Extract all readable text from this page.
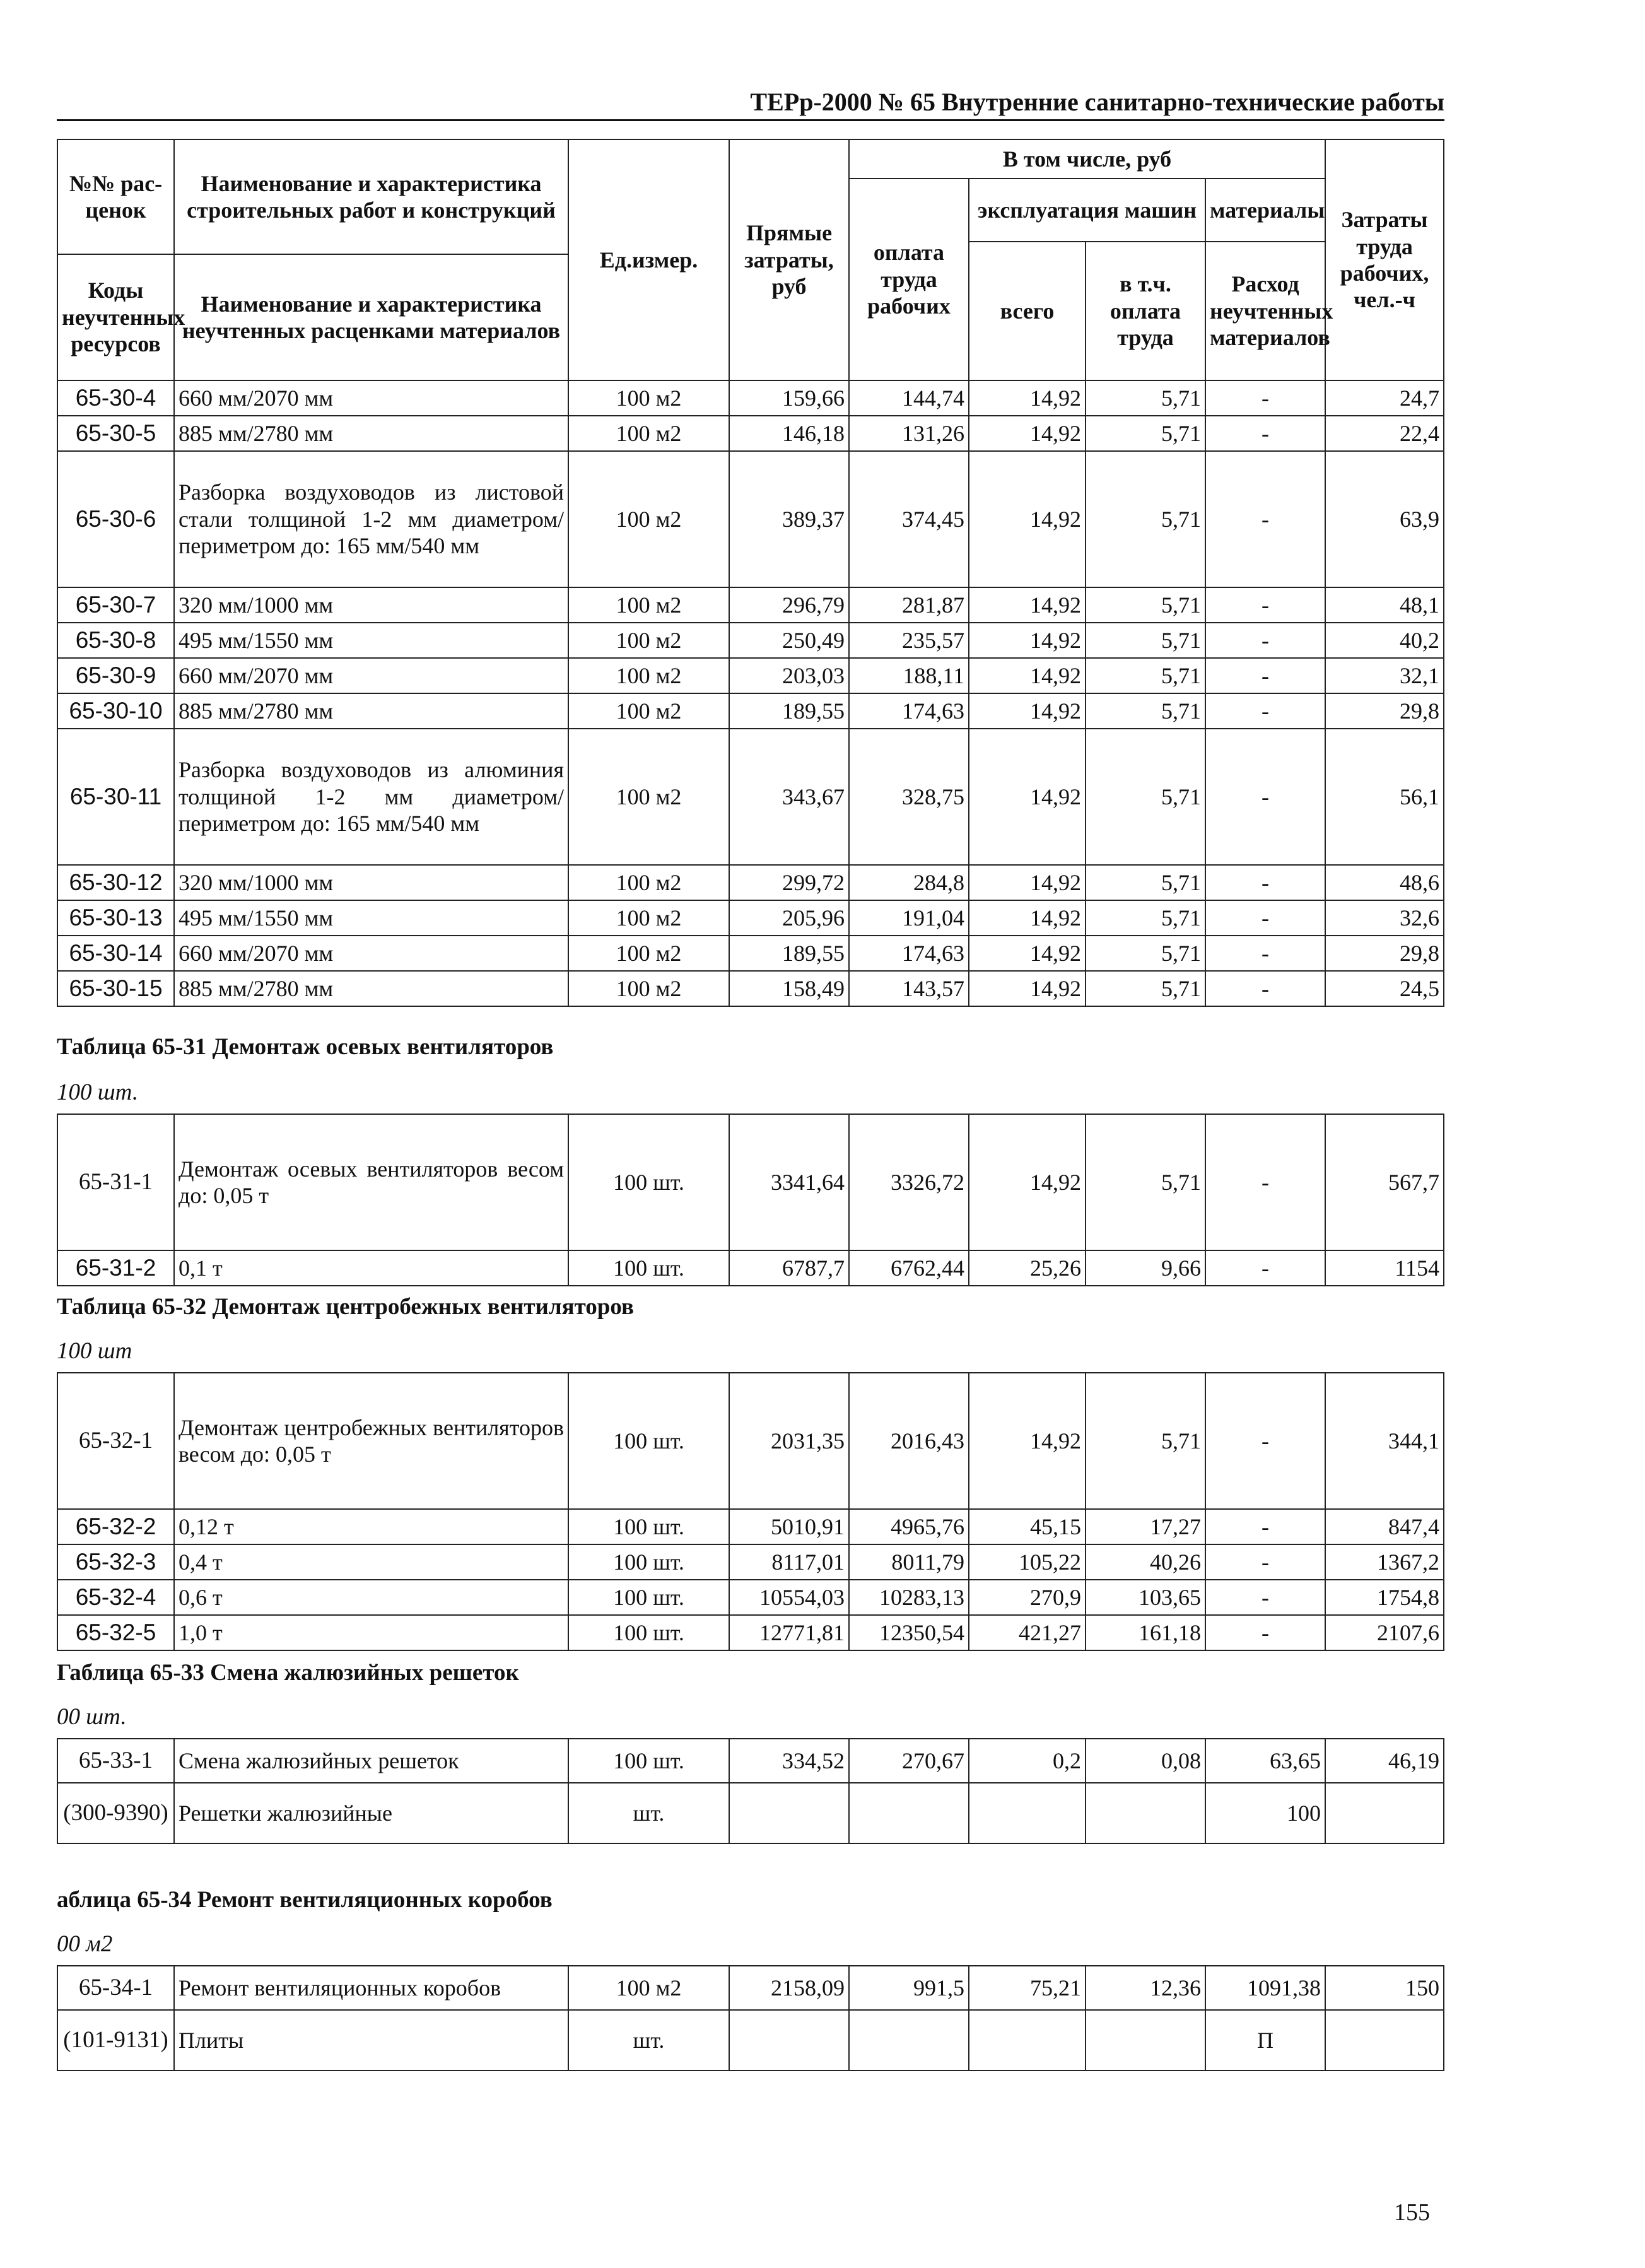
ТЕРр-2000 № 65 Внутренние санитарно-технические работы
№№ рас-ценок	Наименование и характеристика строительных работ и конструкций	Ед.измер.	Прямые затраты, руб	В том числе, руб				Затраты труда рабочих, чел.-ч
				оплата труда рабочих	эксплуатация машин		материалы	
					всего	в т.ч. оплата труда	Расход неучтенных материалов	
Коды неучтенных ресурсов	Наименование и характеристика неучтенных расценками материалов							

65-30-4	660 мм/2070 мм	100 м2	159,66	144,74	14,92	5,71	-	24,7
65-30-5	885 мм/2780 мм	100 м2	146,18	131,26	14,92	5,71	-	22,4
65-30-6	Разборка воздуховодов из листовой стали толщиной 1-2 мм диаметром/периметром до: 165 мм/540 мм	100 м2	389,37	374,45	14,92	5,71	-	63,9
65-30-7	320 мм/1000 мм	100 м2	296,79	281,87	14,92	5,71	-	48,1
65-30-8	495 мм/1550 мм	100 м2	250,49	235,57	14,92	5,71	-	40,2
65-30-9	660 мм/2070 мм	100 м2	203,03	188,11	14,92	5,71	-	32,1
65-30-10	885 мм/2780 мм	100 м2	189,55	174,63	14,92	5,71	-	29,8
65-30-11	Разборка воздуховодов из алюминия толщиной 1-2 мм диаметром/периметром до: 165 мм/540 мм	100 м2	343,67	328,75	14,92	5,71	-	56,1
65-30-12	320 мм/1000 мм	100 м2	299,72	284,8	14,92	5,71	-	48,6
65-30-13	495 мм/1550 мм	100 м2	205,96	191,04	14,92	5,71	-	32,6
65-30-14	660 мм/2070 мм	100 м2	189,55	174,63	14,92	5,71	-	29,8
65-30-15	885 мм/2780 мм	100 м2	158,49	143,57	14,92	5,71	-	24,5
Таблица 65-31 Демонтаж осевых вентиляторов
100 шт.
65-31-1	Демонтаж осевых вентиляторов весом до: 0,05 т	100 шт.	3341,64	3326,72	14,92	5,71	-	567,7
65-31-2	0,1 т	100 шт.	6787,7	6762,44	25,26	9,66	-	1154
Таблица 65-32 Демонтаж центробежных вентиляторов
100 шт
65-32-1	Демонтаж центробежных вентиляторов весом до: 0,05 т	100 шт.	2031,35	2016,43	14,92	5,71	-	344,1
65-32-2	0,12 т	100 шт.	5010,91	4965,76	45,15	17,27	-	847,4
65-32-3	0,4 т	100 шт.	8117,01	8011,79	105,22	40,26	-	1367,2
65-32-4	0,6 т	100 шт.	10554,03	10283,13	270,9	103,65	-	1754,8
65-32-5	1,0 т	100 шт.	12771,81	12350,54	421,27	161,18	-	2107,6
Габлица 65-33 Смена жалюзийных решеток
00 шт.
65-33-1	Смена жалюзийных решеток	100 шт.	334,52	270,67	0,2	0,08	63,65	46,19
(300-9390)	Решетки жалюзийные	шт.					100	
аблица 65-34 Ремонт вентиляционных коробов
00 м2
65-34-1	Ремонт вентиляционных коробов	100 м2	2158,09	991,5	75,21	12,36	1091,38	150
(101-9131)	Плиты	шт.					П	
155
